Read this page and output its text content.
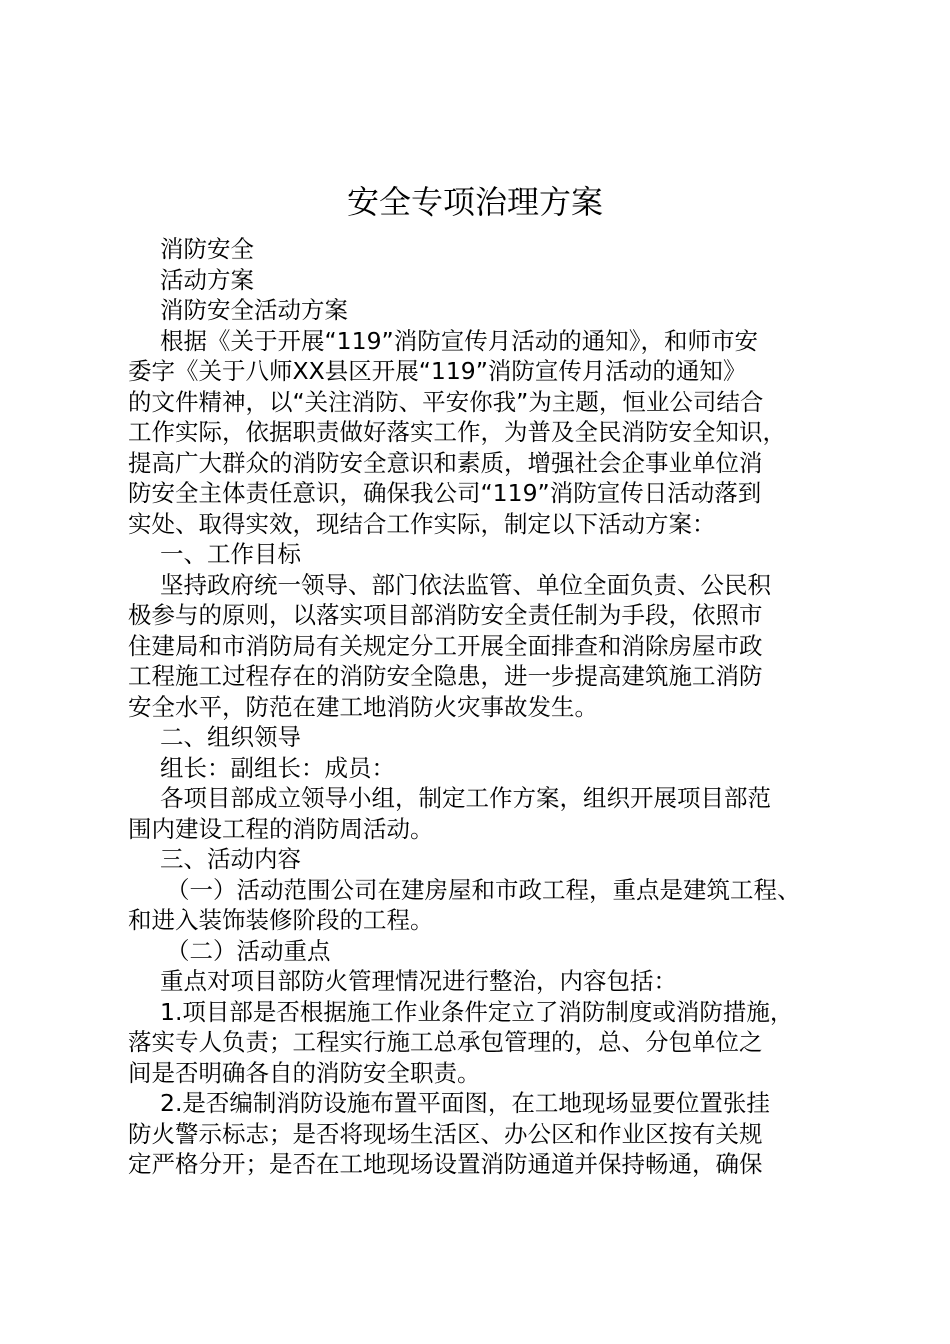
安全专项治理方案
消防安全
活动方案
消防安全活动方案
根据《关于开展“119”消防宣传月活动的通知》，和师市安
委字《关于八师XX县区开展“119”消防宣传月活动的通知》
的文件精神，以“关注消防、平安你我”为主题，恒业公司结合
工作实际，依据职责做好落实工作，为普及全民消防安全知识，
提高广大群众的消防安全意识和素质，增强社会企事业单位消
防安全主体责任意识，确保我公司“119”消防宣传日活动落到
实处、取得实效，现结合工作实际，制定以下活动方案：
一、工作目标
坚持政府统一领导、部门依法监管、单位全面负责、公民积
极参与的原则，以落实项目部消防安全责任制为手段，依照市
住建局和市消防局有关规定分工开展全面排查和消除房屋市政
工程施工过程存在的消防安全隐患，进一步提高建筑施工消防
安全水平，防范在建工地消防火灾事故发生。
二、组织领导
组长：副组长：成员：
各项目部成立领导小组，制定工作方案，组织开展项目部范
围内建设工程的消防周活动。
三、活动内容
（一）活动范围公司在建房屋和市政工程，重点是建筑工程、
和进入装饰装修阶段的工程。
（二）活动重点
重点对项目部防火管理情况进行整治，内容包括：
1.项目部是否根据施工作业条件定立了消防制度或消防措施，
落实专人负责；工程实行施工总承包管理的，总、分包单位之
间是否明确各自的消防安全职责。
2.是否编制消防设施布置平面图，在工地现场显要位置张挂
防火警示标志；是否将现场生活区、办公区和作业区按有关规
定严格分开；是否在工地现场设置消防通道并保持畅通，确保
